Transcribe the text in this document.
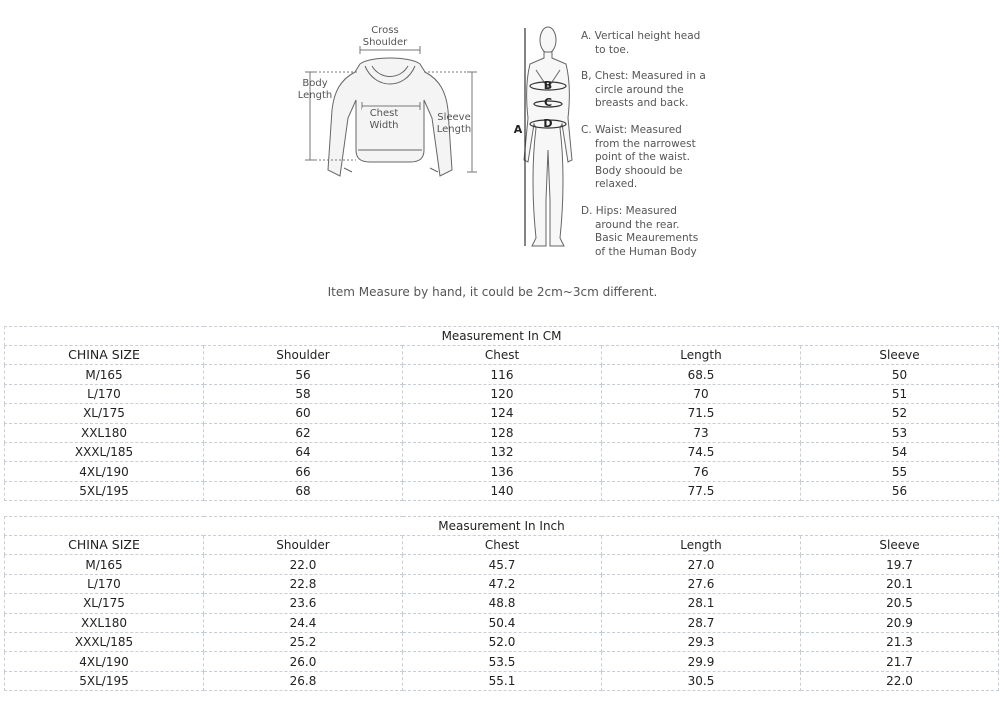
Cross
Shoulder
Body
Length
Chest
Width
Sleeve
Length	A
B
C
D
A. Vertical height head
to toe.
B, Chest: Measured in a
circle around the
breasts and back.
C. Waist: Measured
from the narrowest
point of the waist.
Body shoould be
relaxed.
D. Hips: Measured
around the rear.
Basic Meaurements
of the Human Body
Item Measure by hand, it could be 2cm~3cm different.
Measurement In CM				
CHINA SIZE	Shoulder	Chest	Length	Sleeve
M/165	56	116	68.5	50
L/170	58	120	70	51
XL/175	60	124	71.5	52
XXL180	62	128	73	53
XXXL/185	64	132	74.5	54
4XL/190	66	136	76	55
5XL/195	68	140	77.5	56
Measurement In Inch				
CHINA SIZE	Shoulder	Chest	Length	Sleeve
M/165	22.0	45.7	27.0	19.7
L/170	22.8	47.2	27.6	20.1
XL/175	23.6	48.8	28.1	20.5
XXL180	24.4	50.4	28.7	20.9
XXXL/185	25.2	52.0	29.3	21.3
4XL/190	26.0	53.5	29.9	21.7
5XL/195	26.8	55.1	30.5	22.0
